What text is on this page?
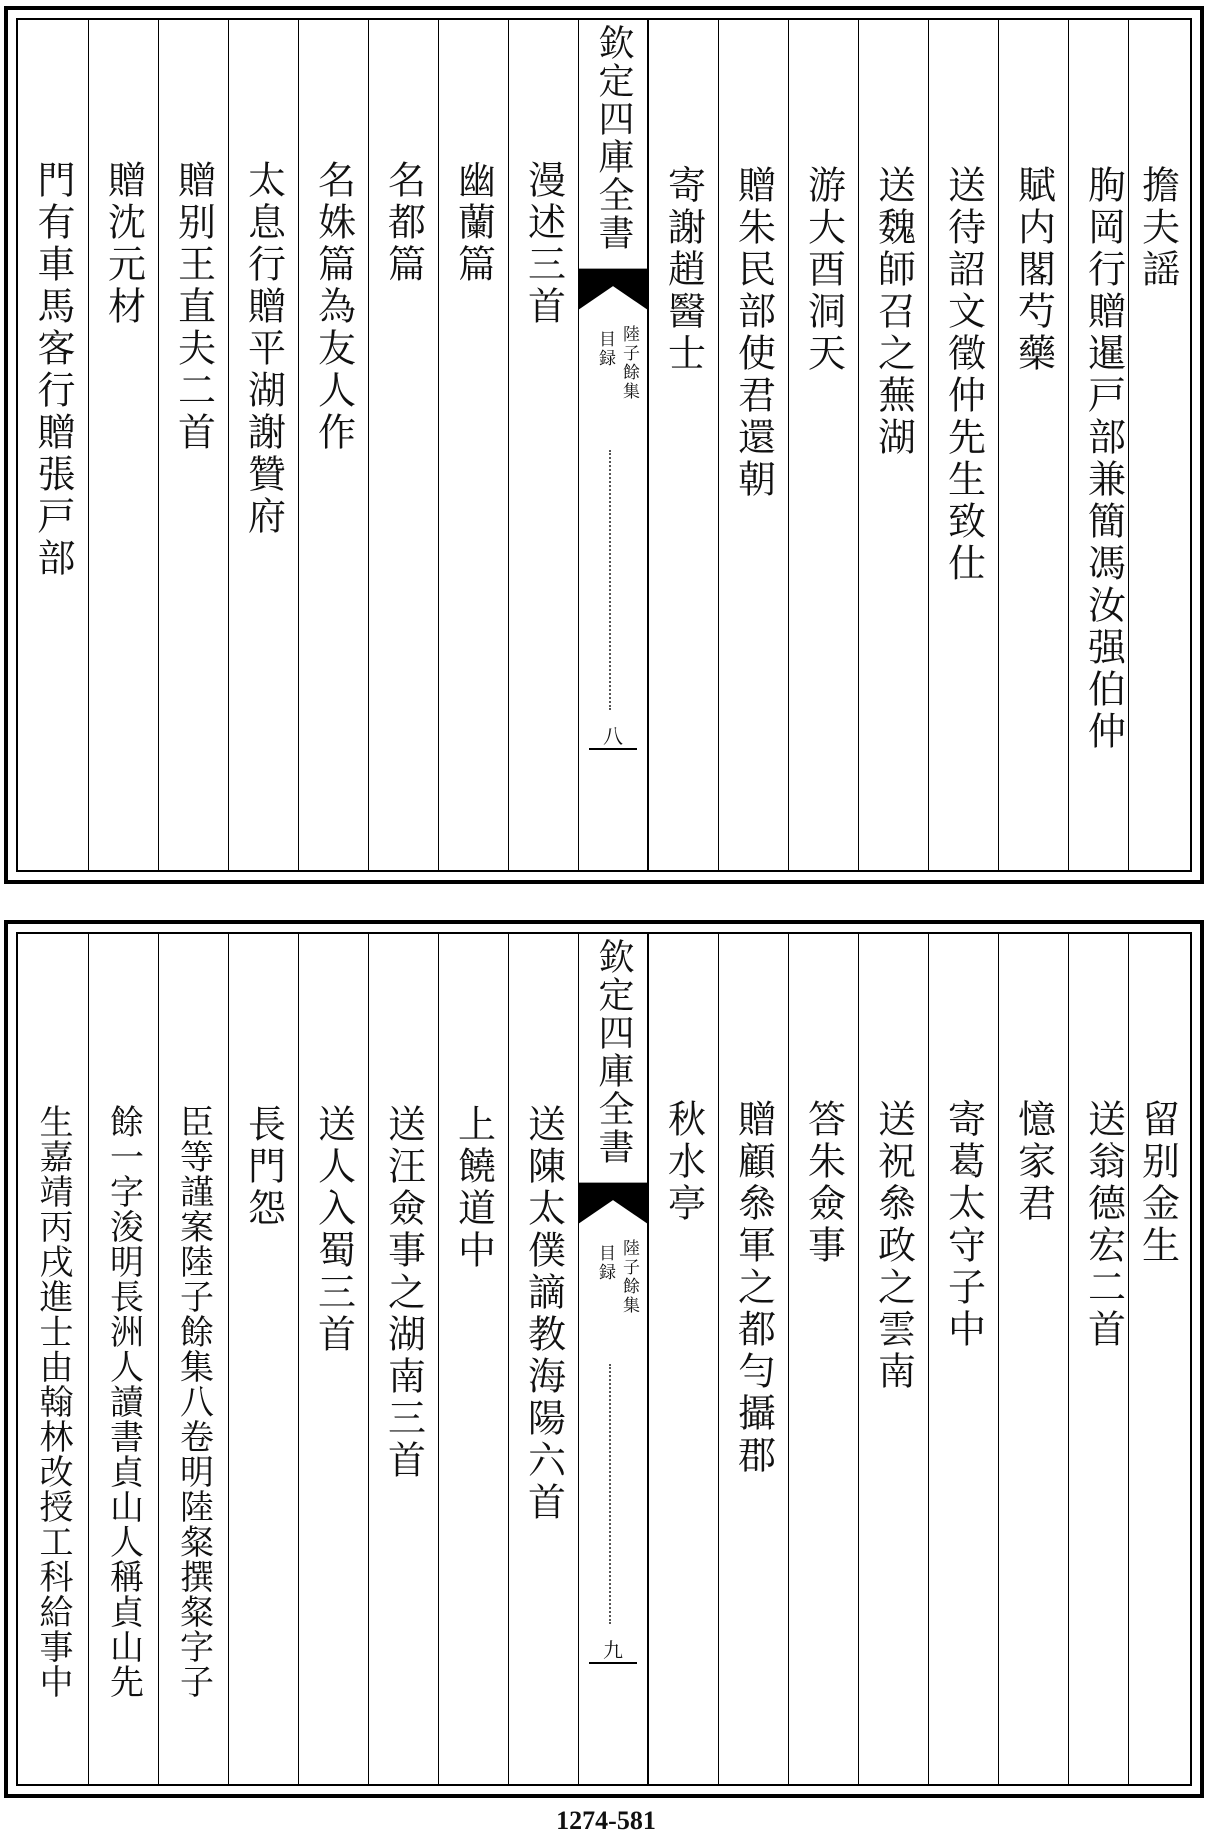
門有車馬客行贈張戸部 贈沈元材 贈别王直夫二首 太息行贈平湖謝贊府 名姝篇為友人作 名都篇 幽蘭篇 漫述三首 欽定四庫全書
陸子餘集
目録
八
寄謝趙醫士 贈朱民部使君還朝 游大酉洞天 送魏師召之蕪湖 送待詔文徵仲先生致仕 賦内閣芍藥 朐岡行贈暹戸部兼簡馮汝强伯仲 擔夫謡
生嘉靖丙戌進士由翰林改授工科給事中 餘一字浚明長洲人讀書貞山人稱貞山先 臣等謹案陸子餘集八卷明陸粲撰粲字子 長門怨 送人入蜀三首 送汪僉事之湖南三首 上饒道中 送陳太僕謫教海陽六首
欽定四庫全書
陸子餘集
目録
九
秋水亭 贈顧叅軍之都勻攝郡 答朱僉事 送祝叅政之雲南 寄葛太守子中 憶家君 送翁德宏二首 留别金生
1274-581
